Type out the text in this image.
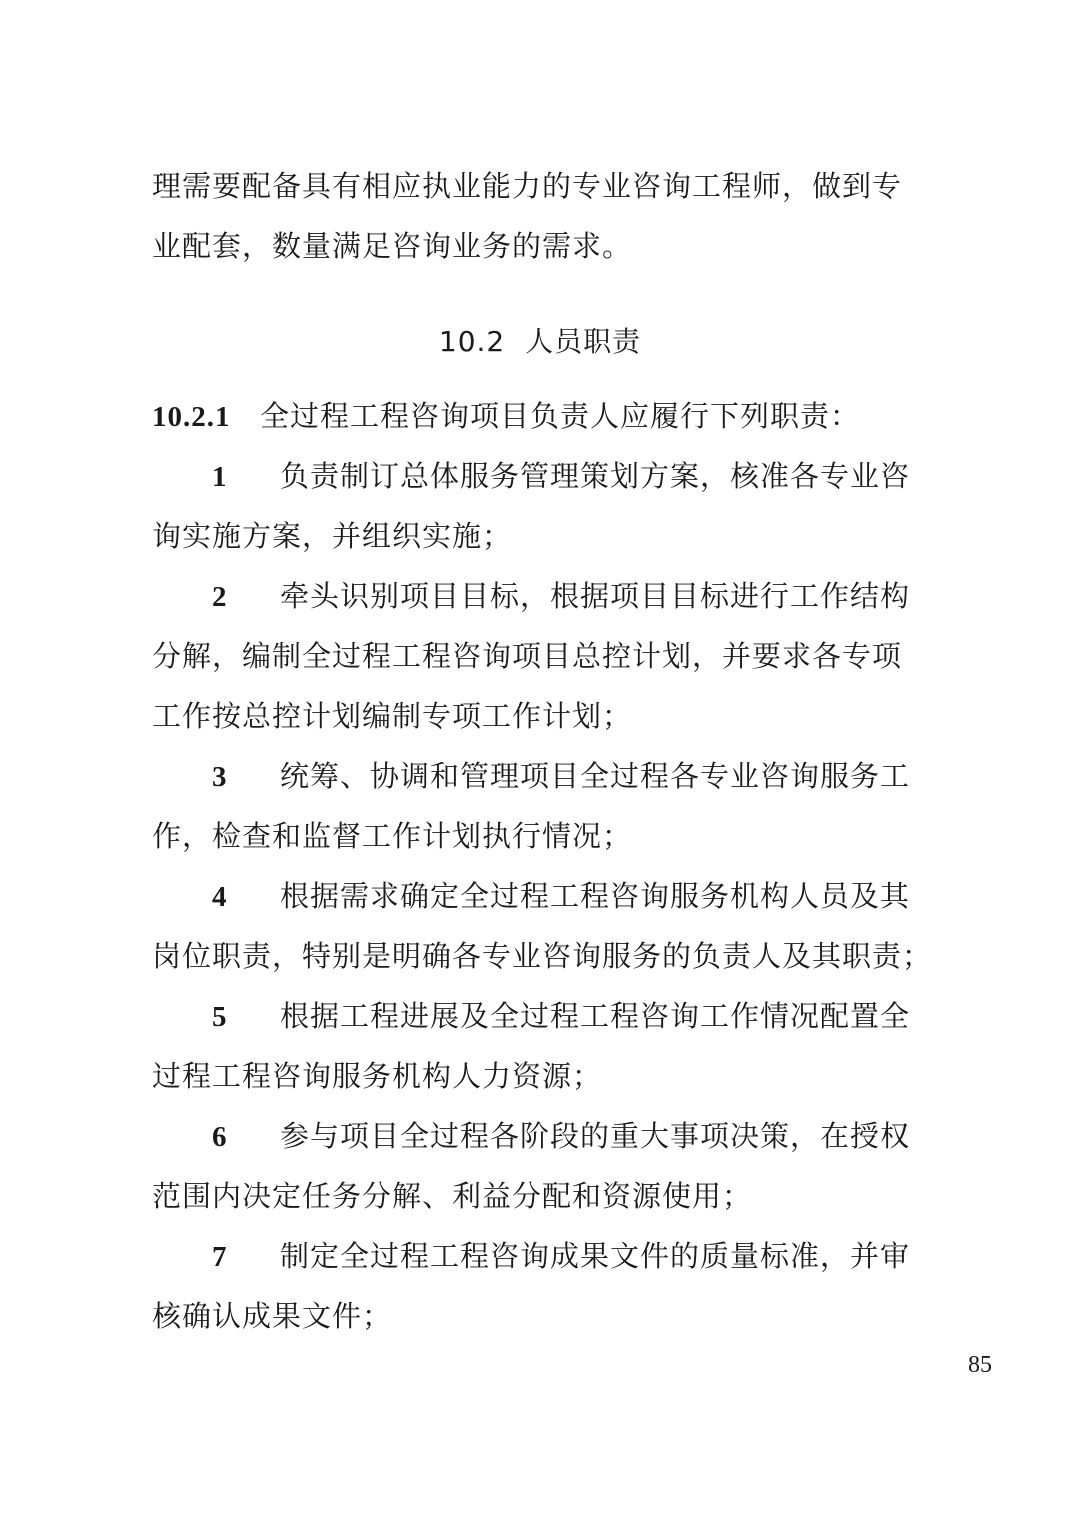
理需要配备具有相应执业能力的专业咨询工程师，做到专
业配套，数量满足咨询业务的需求。
10.2 人员职责
10.2.1 全过程工程咨询项目负责人应履行下列职责：
1 负责制订总体服务管理策划方案，核准各专业咨
询实施方案，并组织实施；
2 牵头识别项目目标，根据项目目标进行工作结构
分解，编制全过程工程咨询项目总控计划，并要求各专项
工作按总控计划编制专项工作计划；
3 统筹、协调和管理项目全过程各专业咨询服务工
作，检查和监督工作计划执行情况；
4 根据需求确定全过程工程咨询服务机构人员及其
岗位职责，特别是明确各专业咨询服务的负责人及其职责；
5 根据工程进展及全过程工程咨询工作情况配置全
过程工程咨询服务机构人力资源；
6 参与项目全过程各阶段的重大事项决策，在授权
范围内决定任务分解、利益分配和资源使用；
7 制定全过程工程咨询成果文件的质量标准，并审
核确认成果文件；
85
